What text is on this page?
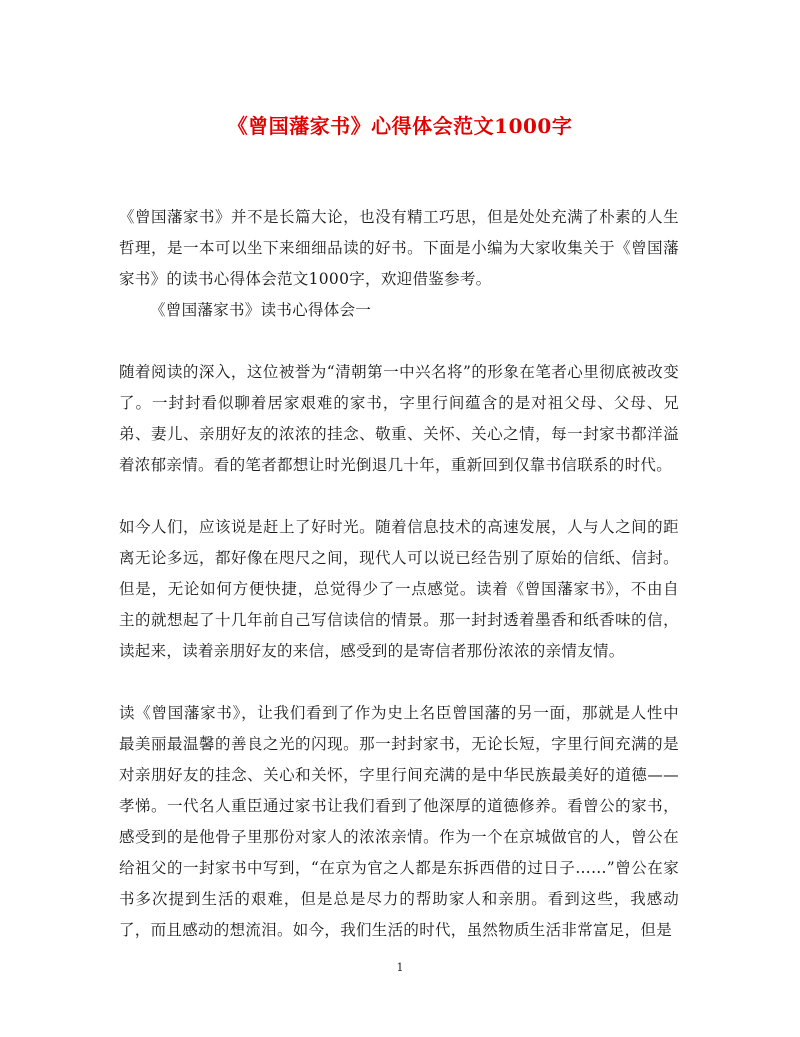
《曾国藩家书》心得体会范文1000字

《曾国藩家书》并不是长篇大论，也没有精工巧思，但是处处充满了朴素的人生哲理，是一本可以坐下来细细品读的好书。下面是小编为大家收集关于《曾国藩家书》的读书心得体会范文1000字，欢迎借鉴参考。

《曾国藩家书》读书心得体会一

随着阅读的深入，这位被誉为“清朝第一中兴名将”的形象在笔者心里彻底被改变了。一封封看似聊着居家艰难的家书，字里行间蕴含的是对祖父母、父母、兄弟、妻儿、亲朋好友的浓浓的挂念、敬重、关怀、关心之情，每一封家书都洋溢着浓郁亲情。看的笔者都想让时光倒退几十年，重新回到仅靠书信联系的时代。

如今人们，应该说是赶上了好时光。随着信息技术的高速发展，人与人之间的距离无论多远，都好像在咫尺之间，现代人可以说已经告别了原始的信纸、信封。但是，无论如何方便快捷，总觉得少了一点感觉。读着《曾国藩家书》，不由自主的就想起了十几年前自己写信读信的情景。那一封封透着墨香和纸香味的信，读起来，读着亲朋好友的来信，感受到的是寄信者那份浓浓的亲情友情。

读《曾国藩家书》，让我们看到了作为史上名臣曾国藩的另一面，那就是人性中最美丽最温馨的善良之光的闪现。那一封封家书，无论长短，字里行间充满的是对亲朋好友的挂念、关心和关怀，字里行间充满的是中华民族最美好的道德——孝悌。一代名人重臣通过家书让我们看到了他深厚的道德修养。看曾公的家书，感受到的是他骨子里那份对家人的浓浓亲情。作为一个在京城做官的人，曾公在给祖父的一封家书中写到，“在京为官之人都是东拆西借的过日子……”曾公在家书多次提到生活的艰难，但是总是尽力的帮助家人和亲朋。看到这些，我感动了，而且感动的想流泪。如今，我们生活的时代，虽然物质生活非常富足，但是

1
